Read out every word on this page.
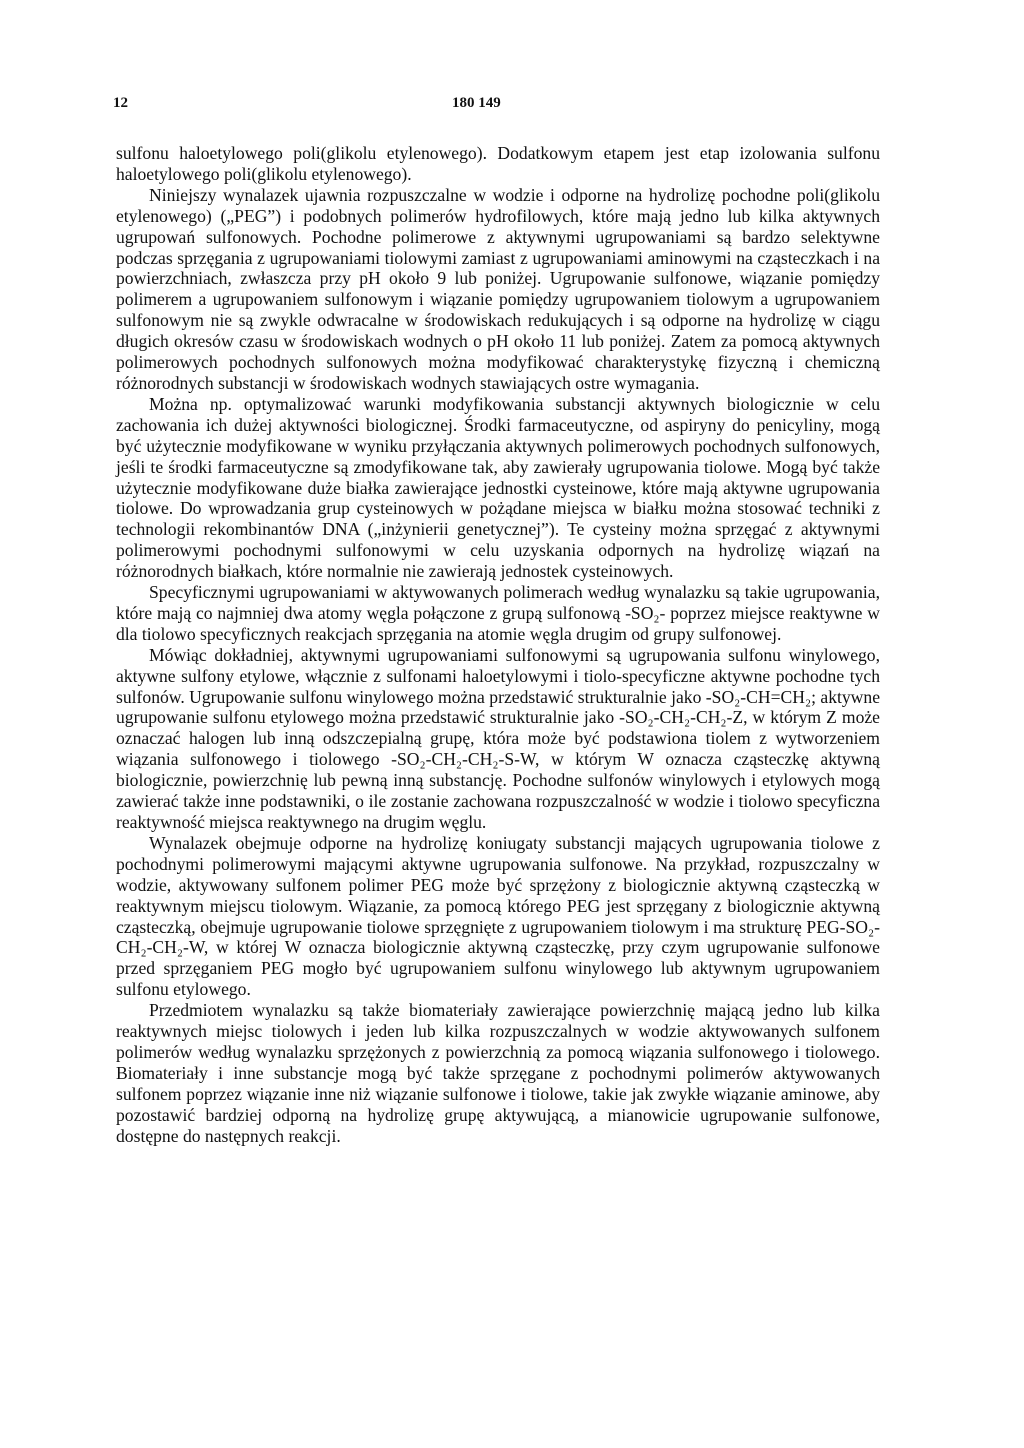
12	180 149

sulfonu haloetylowego poli(glikolu etylenowego). Dodatkowym etapem jest etap izolowania sulfonu haloetylowego poli(glikolu etylenowego).

Niniejszy wynalazek ujawnia rozpuszczalne w wodzie i odporne na hydrolizę pochodne poli(glikolu etylenowego) („PEG”) i podobnych polimerów hydrofilowych, które mają jedno lub kilka aktywnych ugrupowań sulfonowych. Pochodne polimerowe z aktywnymi ugrupowaniami są bardzo selektywne podczas sprzęgania z ugrupowaniami tiolowymi zamiast z ugrupowaniami aminowymi na cząsteczkach i na powierzchniach, zwłaszcza przy pH około 9 lub poniżej. Ugrupowanie sulfonowe, wiązanie pomiędzy polimerem a ugrupowaniem sulfonowym i wiązanie pomiędzy ugrupowaniem tiolowym a ugrupowaniem sulfonowym nie są zwykle odwracalne w środowiskach redukujących i są odporne na hydrolizę w ciągu długich okresów czasu w środowiskach wodnych o pH około 11 lub poniżej. Zatem za pomocą aktywnych polimerowych pochodnych sulfonowych można modyfikować charakterystykę fizyczną i chemiczną różnorodnych substancji w środowiskach wodnych stawiających ostre wymagania.

Można np. optymalizować warunki modyfikowania substancji aktywnych biologicznie w celu zachowania ich dużej aktywności biologicznej. Środki farmaceutyczne, od aspiryny do penicyliny, mogą być użytecznie modyfikowane w wyniku przyłączania aktywnych polimerowych pochodnych sulfonowych, jeśli te środki farmaceutyczne są zmodyfikowane tak, aby zawierały ugrupowania tiolowe. Mogą być także użytecznie modyfikowane duże białka zawierające jednostki cysteinowe, które mają aktywne ugrupowania tiolowe. Do wprowadzania grup cysteinowych w pożądane miejsca w białku można stosować techniki z technologii rekombinantów DNA („inżynierii genetycznej”). Te cysteiny można sprzęgać z aktywnymi polimerowymi pochodnymi sulfonowymi w celu uzyskania odpornych na hydrolizę wiązań na różnorodnych białkach, które normalnie nie zawierają jednostek cysteinowych.

Specyficznymi ugrupowaniami w aktywowanych polimerach według wynalazku są takie ugrupowania, które mają co najmniej dwa atomy węgla połączone z grupą sulfonową -SO₂- poprzez miejsce reaktywne w dla tiolowo specyficznych reakcjach sprzęgania na atomie węgla drugim od grupy sulfonowej.

Mówiąc dokładniej, aktywnymi ugrupowaniami sulfonowymi są ugrupowania sulfonu winylowego, aktywne sulfony etylowe, włącznie z sulfonami haloetylowymi i tiolo-specyficzne aktywne pochodne tych sulfonów. Ugrupowanie sulfonu winylowego można przedstawić strukturalnie jako -SO₂-CH=CH₂; aktywne ugrupowanie sulfonu etylowego można przedstawić strukturalnie jako -SO₂-CH₂-CH₂-Z, w którym Z może oznaczać halogen lub inną odszczepialną grupę, która może być podstawiona tiolem z wytworzeniem wiązania sulfonowego i tiolowego -SO₂-CH₂-CH₂-S-W, w którym W oznacza cząsteczkę aktywną biologicznie, powierzchnię lub pewną inną substancję. Pochodne sulfonów winylowych i etylowych mogą zawierać także inne podstawniki, o ile zostanie zachowana rozpuszczalność w wodzie i tiolowo specyficzna reaktywność miejsca reaktywnego na drugim węglu.

Wynalazek obejmuje odporne na hydrolizę koniugaty substancji mających ugrupowania tiolowe z pochodnymi polimerowymi mającymi aktywne ugrupowania sulfonowe. Na przykład, rozpuszczalny w wodzie, aktywowany sulfonem polimer PEG może być sprzężony z biologicznie aktywną cząsteczką w reaktywnym miejscu tiolowym. Wiązanie, za pomocą którego PEG jest sprzęgany z biologicznie aktywną cząsteczką, obejmuje ugrupowanie tiolowe sprzęgnięte z ugrupowaniem tiolowym i ma strukturę PEG-SO₂-CH₂-CH₂-W, w której W oznacza biologicznie aktywną cząsteczkę, przy czym ugrupowanie sulfonowe przed sprzęganiem PEG mogło być ugrupowaniem sulfonu winylowego lub aktywnym ugrupowaniem sulfonu etylowego.

Przedmiotem wynalazku są także biomateriały zawierające powierzchnię mającą jedno lub kilka reaktywnych miejsc tiolowych i jeden lub kilka rozpuszczalnych w wodzie aktywowanych sulfonem polimerów według wynalazku sprzężonych z powierzchnią za pomocą wiązania sulfonowego i tiolowego. Biomateriały i inne substancje mogą być także sprzęgane z pochodnymi polimerów aktywowanych sulfonem poprzez wiązanie inne niż wiązanie sulfonowe i tiolowe, takie jak zwykłe wiązanie aminowe, aby pozostawić bardziej odporną na hydrolizę grupę aktywującą, a mianowicie ugrupowanie sulfonowe, dostępne do następnych reakcji.
